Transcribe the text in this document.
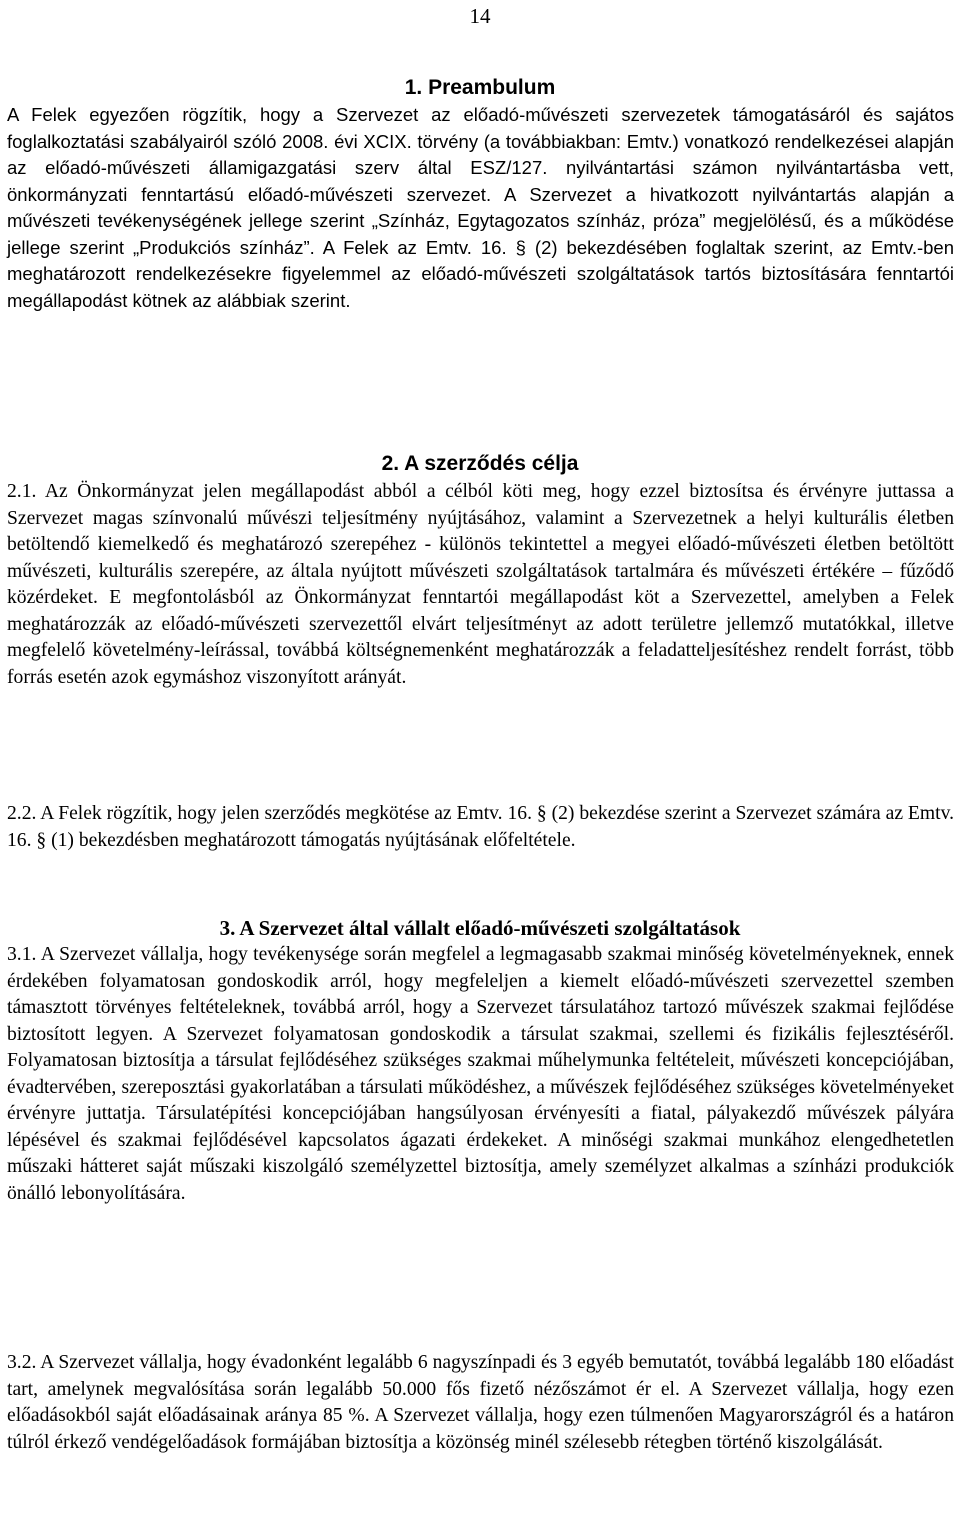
14
1. Preambulum

A Felek egyezően rögzítik, hogy a Szervezet az előadó-művészeti szervezetek támogatásáról és sajátos foglalkoztatási szabályairól szóló 2008. évi XCIX. törvény (a továbbiakban: Emtv.) vonatkozó rendelkezései alapján az előadó-művészeti államigazgatási szerv által ESZ/127. nyilvántartási számon nyilvántartásba vett, önkormányzati fenntartású előadó-művészeti szervezet. A Szervezet a hivatkozott nyilvántartás alapján a művészeti tevékenységének jellege szerint „Színház, Egytagozatos színház, próza” megjelölésű, és a működése jellege szerint „Produkciós színház”. A Felek az Emtv. 16. § (2) bekezdésében foglaltak szerint, az Emtv.-ben meghatározott rendelkezésekre figyelemmel az előadó-művészeti szolgáltatások tartós biztosítására fenntartói megállapodást kötnek az alábbiak szerint.

2. A szerződés célja

2.1. Az Önkormányzat jelen megállapodást abból a célból köti meg, hogy ezzel biztosítsa és érvényre juttassa a Szervezet magas színvonalú művészi teljesítmény nyújtásához, valamint a Szervezetnek a helyi kulturális életben betöltendő kiemelkedő és meghatározó szerepéhez - különös tekintettel a megyei előadó-művészeti életben betöltött művészeti, kulturális szerepére, az általa nyújtott művészeti szolgáltatások tartalmára és művészeti értékére – fűződő közérdeket. E megfontolásból az Önkormányzat fenntartói megállapodást köt a Szervezettel, amelyben a Felek meghatározzák az előadó-művészeti szervezettől elvárt teljesítményt az adott területre jellemző mutatókkal, illetve megfelelő követelmény-leírással, továbbá költségnemenként meghatározzák a feladatteljesítéshez rendelt forrást, több forrás esetén azok egymáshoz viszonyított arányát.

2.2. A Felek rögzítik, hogy jelen szerződés megkötése az Emtv. 16. § (2) bekezdése szerint a Szervezet számára az Emtv. 16. § (1) bekezdésben meghatározott támogatás nyújtásának előfeltétele.

3. A Szervezet által vállalt előadó-művészeti szolgáltatások

3.1. A Szervezet vállalja, hogy tevékenysége során megfelel a legmagasabb szakmai minőség követelményeknek, ennek érdekében folyamatosan gondoskodik arról, hogy megfeleljen a kiemelt előadó-művészeti szervezettel szemben támasztott törvényes feltételeknek, továbbá arról, hogy a Szervezet társulatához tartozó művészek szakmai fejlődése biztosított legyen. A Szervezet folyamatosan gondoskodik a társulat szakmai, szellemi és fizikális fejlesztéséről. Folyamatosan biztosítja a társulat fejlődéséhez szükséges szakmai műhelymunka feltételeit, művészeti koncepciójában, évadtervében, szereposztási gyakorlatában a társulati működéshez, a művészek fejlődéséhez szükséges követelményeket érvényre juttatja. Társulatépítési koncepciójában hangsúlyosan érvényesíti a fiatal, pályakezdő művészek pályára lépésével és szakmai fejlődésével kapcsolatos ágazati érdekeket. A minőségi szakmai munkához elengedhetetlen műszaki hátteret saját műszaki kiszolgáló személyzettel biztosítja, amely személyzet alkalmas a színházi produkciók önálló lebonyolítására.

3.2. A Szervezet vállalja, hogy évadonként legalább 6 nagyszínpadi és 3 egyéb bemutatót, továbbá legalább 180 előadást tart, amelynek megvalósítása során legalább 50.000 fős fizető nézőszámot ér el. A Szervezet vállalja, hogy ezen előadásokból saját előadásainak aránya 85 %. A Szervezet vállalja, hogy ezen túlmenően Magyarországról és a határon túlról érkező vendégelőadások formájában biztosítja a közönség minél szélesebb rétegben történő kiszolgálását.
